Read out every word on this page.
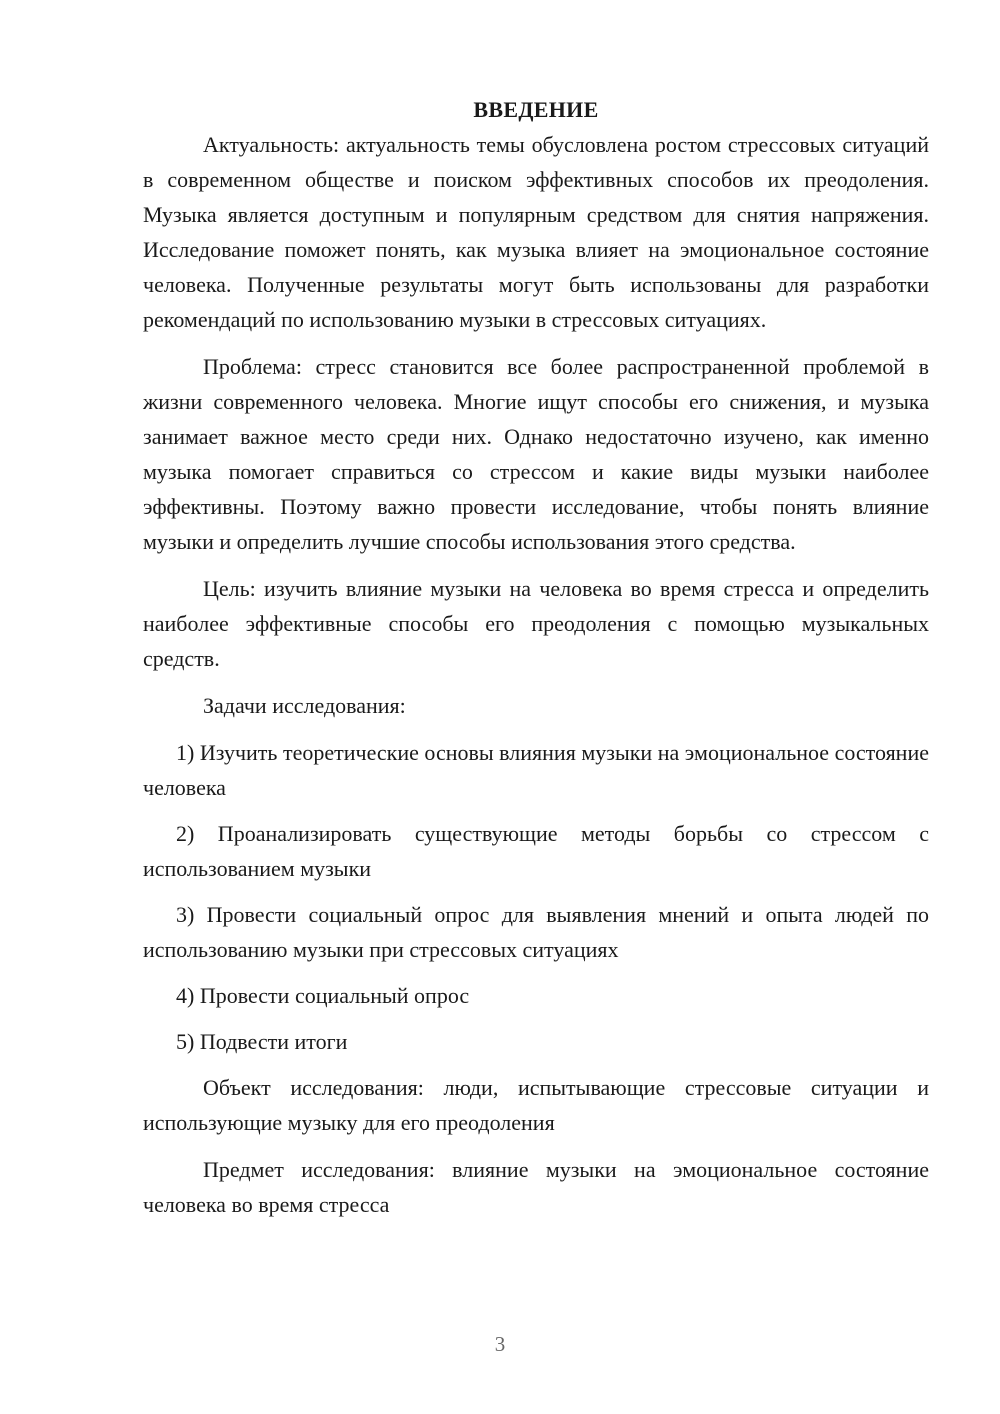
ВВЕДЕНИЕ

Актуальность: актуальность темы обусловлена ростом стрессовых ситуаций в современном обществе и поиском эффективных способов их преодоления. Музыка является доступным и популярным средством для снятия напряжения. Исследование поможет понять, как музыка влияет на эмоциональное состояние человека. Полученные результаты могут быть использованы для разработки рекомендаций по использованию музыки в стрессовых ситуациях.

Проблема: стресс становится все более распространенной проблемой в жизни современного человека. Многие ищут способы его снижения, и музыка занимает важное место среди них. Однако недостаточно изучено, как именно музыка помогает справиться со стрессом и какие виды музыки наиболее эффективны. Поэтому важно провести исследование, чтобы понять влияние музыки и определить лучшие способы использования этого средства.

Цель: изучить влияние музыки на человека во время стресса и определить наиболее эффективные способы его преодоления с помощью музыкальных средств.

Задачи исследования:

1) Изучить теоретические основы влияния музыки на эмоциональное состояние человека

2) Проанализировать существующие методы борьбы со стрессом с использованием музыки

3) Провести социальный опрос для выявления мнений и опыта людей по использованию музыки при стрессовых ситуациях

4) Провести социальный опрос

5) Подвести итоги

Объект исследования: люди, испытывающие стрессовые ситуации и использующие музыку для его преодоления

Предмет исследования: влияние музыки на эмоциональное состояние человека во время стресса

3
